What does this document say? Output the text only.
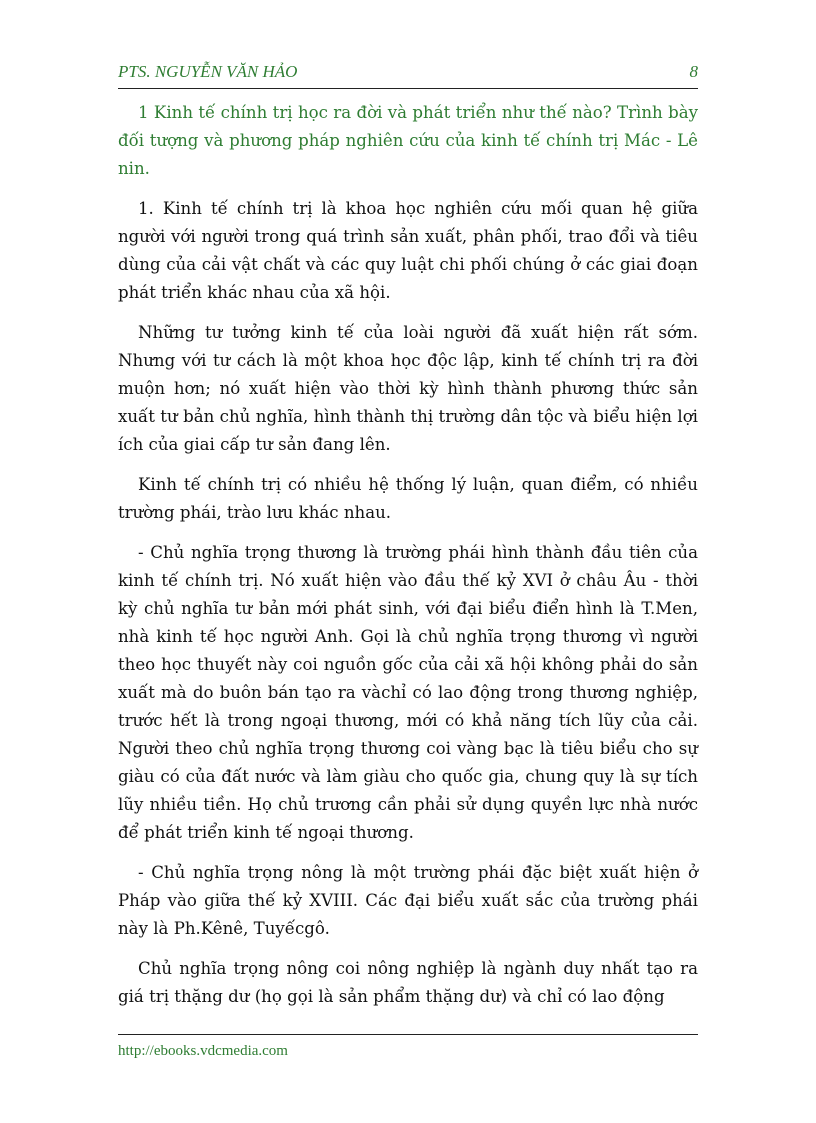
PTS. NGUYỄN VĂN HẢO	8

1 Kinh tế chính trị học ra đời và phát triển như thế nào? Trình bày đối tượng và phương pháp nghiên cứu của kinh tế chính trị Mác - Lê nin.

1. Kinh tế chính trị là khoa học nghiên cứu mối quan hệ giữa người với người trong quá trình sản xuất, phân phối, trao đổi và tiêu dùng của cải vật chất và các quy luật chi phối chúng ở các giai đoạn phát triển khác nhau của xã hội.

Những tư tưởng kinh tế của loài người đã xuất hiện rất sớm. Nhưng với tư cách là một khoa học độc lập, kinh tế chính trị ra đời muộn hơn; nó xuất hiện vào thời kỳ hình thành phương thức sản xuất tư bản chủ nghĩa, hình thành thị trường dân tộc và biểu hiện lợi ích của giai cấp tư sản đang lên.

Kinh tế chính trị có nhiều hệ thống lý luận, quan điểm, có nhiều trường phái, trào lưu khác nhau.

- Chủ nghĩa trọng thương là trường phái hình thành đầu tiên của kinh tế chính trị. Nó xuất hiện vào đầu thế kỷ XVI ở châu Âu - thời kỳ chủ nghĩa tư bản mới phát sinh, với đại biểu điển hình là T.Men, nhà kinh tế học người Anh. Gọi là chủ nghĩa trọng thương vì người theo học thuyết này coi nguồn gốc của cải xã hội không phải do sản xuất mà do buôn bán tạo ra vàchỉ có lao động trong thương nghiệp, trước hết là trong ngoại thương, mới có khả năng tích lũy của cải. Người theo chủ nghĩa trọng thương coi vàng bạc là tiêu biểu cho sự giàu có của đất nước và làm giàu cho quốc gia, chung quy là sự tích lũy nhiều tiền. Họ chủ trương cần phải sử dụng quyền lực nhà nước để phát triển kinh tế ngoại thương.

- Chủ nghĩa trọng nông là một trường phái đặc biệt xuất hiện ở Pháp vào giữa thế kỷ XVIII. Các đại biểu xuất sắc của trường phái này là Ph.Kênê, Tuyếcgô.

Chủ nghĩa trọng nông coi nông nghiệp là ngành duy nhất tạo ra giá trị thặng dư (họ gọi là sản phẩm thặng dư) và chỉ có lao động

http://ebooks.vdcmedia.com
